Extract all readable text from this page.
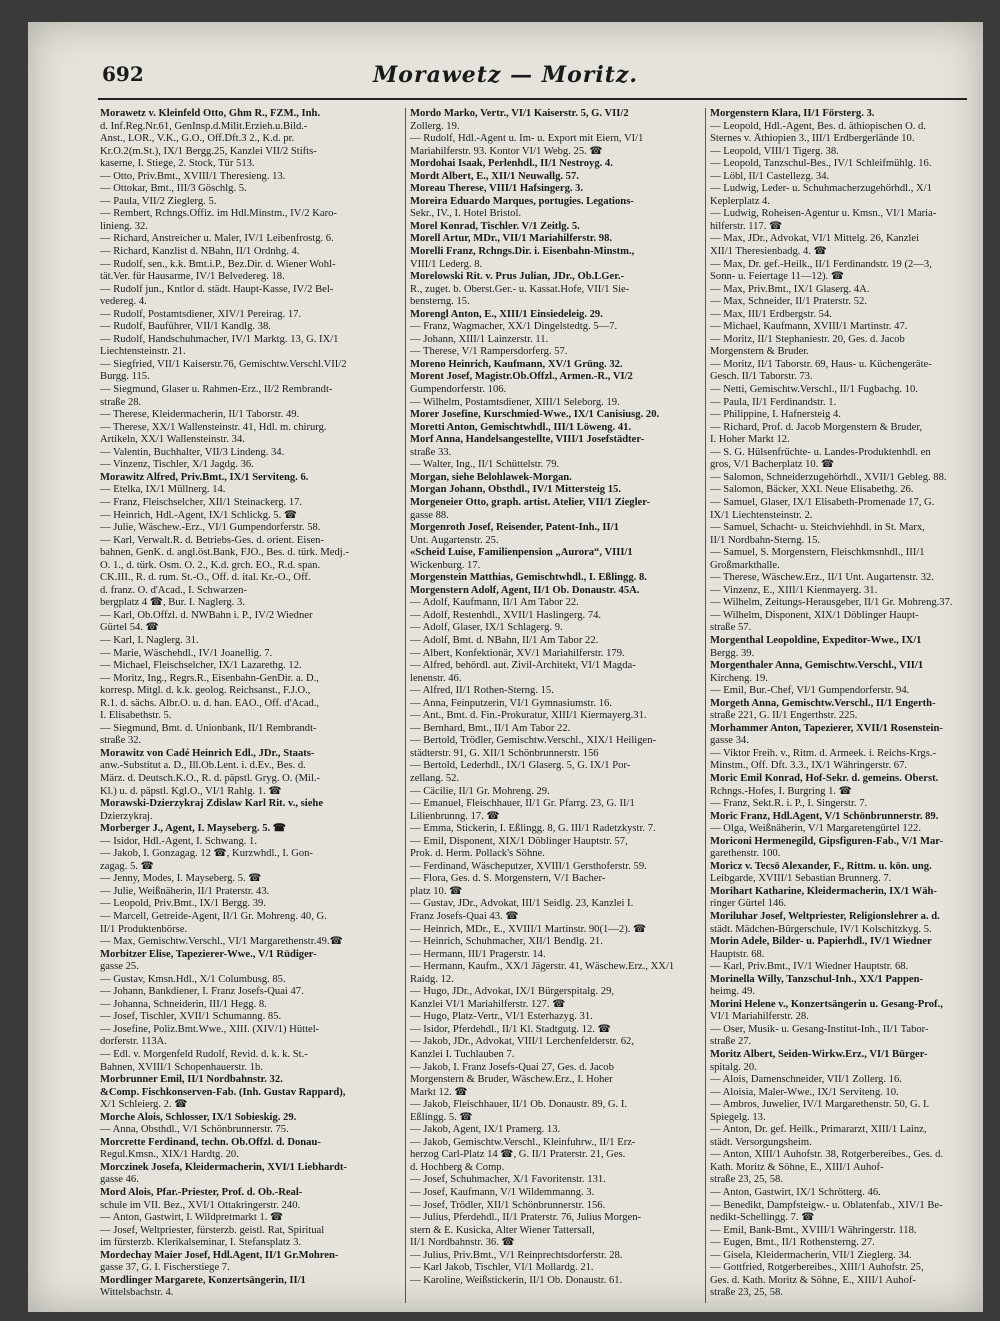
692	Morawetz — Moritz.
Morawetz v. Kleinfeld Otto, Ghm R., FZM., Inh.
d. Inf.Reg.Nr.61, GenInsp.d.Milit.Erzieh.u.Bild.-
Anst., LOR., V.K., G.O., Off.Dft.3 2., K.d. pr.
Kr.O.2(m.St.), IX/1 Bergg.25, Kanzlei VII/2 Stifts-
kaserne, I. Stiege, 2. Stock, Tür 513.
— Otto, Priv.Bmt., XVIII/1 Theresieng. 13.
— Ottokar, Bmt., III/3 Göschlg. 5.
— Paula, VII/2 Zieglerg. 5.
— Rembert, Rchngs.Offiz. im Hdl.Minstm., IV/2 Karo-
linieng. 32.
— Richard, Anstreicher u. Maler, IV/1 Leibenfrostg. 6.
— Richard, Kanzlist d. NBahn, II/1 Ordnhg. 4.
— Rudolf, sen., k.k. Bmt.i.P., Bez.Dir. d. Wiener Wohl-
tät.Ver. für Hausarme, IV/1 Belvedereg. 18.
— Rudolf jun., Kntlor d. städt. Haupt-Kasse, IV/2 Bel-
vedereg. 4.
— Rudolf, Postamtsdiener, XIV/1 Pereirag. 17.
— Rudolf, Bauführer, VII/1 Kandlg. 38.
— Rudolf, Handschuhmacher, IV/1 Marktg. 13, G. IX/1
Liechtensteinstr. 21.
— Siegfried, VII/1 Kaiserstr.76, Gemischtw.Verschl.VII/2
Burgg. 115.
— Siegmund, Glaser u. Rahmen-Erz., II/2 Rembrandt-
straße 28.
— Therese, Kleidermacherin, II/1 Taborstr. 49.
— Therese, XX/1 Wallensteinstr. 41, Hdl. m. chirurg.
Artikeln, XX/1 Wallensteinstr. 34.
— Valentin, Buchhalter, VII/3 Lindeng. 34.
— Vinzenz, Tischler, X/1 Jagdg. 36.
Morawitz Alfred, Priv.Bmt., IX/1 Serviteng. 6.
— Etelka, IX/1 Müllnerg. 14.
— Franz, Fleischselcher, XII/1 Steinackerg. 17.
— Heinrich, Hdl.-Agent, IX/1 Schlickg. 5. ☎
— Julie, Wäschew.-Erz., VI/1 Gumpendorferstr. 58.
— Karl, Verwalt.R. d. Betriebs-Ges. d. orient. Eisen-
bahnen, GenK. d. angl.öst.Bank, FJO., Bes. d. türk. Medj.-
O. 1., d. türk. Osm. O. 2., K.d. grch. EO., R.d. span.
CK.III., R. d. rum. St.-O., Off. d. ital. Kr.-O., Off.
d. franz. O. d'Acad., I. Schwarzen-
bergplatz 4 ☎, Bur. I. Naglerg. 3.
— Karl, Ob.Offzl. d. NWBahn i. P., IV/2 Wiedner
Gürtel 54. ☎
— Karl, I. Naglerg. 31.
— Marie, Wäschehdl., IV/1 Joanellig. 7.
— Michael, Fleischselcher, IX/1 Lazarethg. 12.
— Moritz, Ing., Regrs.R., Eisenbahn-GenDir. a. D.,
korresp. Mitgl. d. k.k. geolog. Reichsanst., F.J.O.,
R.1. d. sächs. Albr.O. u. d. han. EAO., Off. d'Acad.,
I. Elisabethstr. 5.
— Siegmund, Bmt. d. Unionbank, II/1 Rembrandt-
straße 32.
Morawitz von Cadé Heinrich Edl., JDr., Staats-
anw.-Substitut a. D., Ill.Ob.Lent. i. d.Ev., Bes. d.
März. d. Deutsch.K.O., R. d. päpstl. Gryg. O. (Mil.-
Kl.) u. d. päpstl. Kgl.O., VI/1 Rahlg. 1. ☎
Morawski-Dzierzykraj Zdislaw Karl Rit. v., siehe
Dzierzykraj.
Morberger J., Agent, I. Mayseberg. 5. ☎
— Isidor, Hdl.-Agent, I. Schwang. 1.
— Jakob, I. Gonzagag. 12 ☎, Kurzwhdl., I. Gon-
zagag. 5. ☎
— Jenny, Modes, I. Mayseberg. 5. ☎
— Julie, Weißnäherin, II/1 Praterstr. 43.
— Leopold, Priv.Bmt., IX/1 Bergg. 39.
— Marcell, Getreide-Agent, II/1 Gr. Mohreng. 40, G.
II/1 Produktenbörse.
— Max, Gemischtw.Verschl., VI/1 Margarethenstr.49.☎
Morbitzer Elise, Tapezierer-Wwe., V/1 Rüdiger-
gasse 25.
— Gustav, Kmsn.Hdl., X/1 Columbusg. 85.
— Johann, Bankdiener, I. Franz Josefs-Quai 47.
— Johanna, Schneiderin, III/1 Hegg. 8.
— Josef, Tischler, XVII/1 Schumanng. 85.
— Josefine, Poliz.Bmt.Wwe., XIII. (XIV/1) Hüttel-
dorferstr. 113A.
— Edl. v. Morgenfeld Rudolf, Revid. d. k. k. St.-
Bahnen, XVIII/1 Schopenhauerstr. 1b.
Morbrunner Emil, II/1 Nordbahnstr. 32.
&Comp. Fischkonserven-Fab. (Inh. Gustav Rappard),
X/1 Schleierg. 2. ☎
Morche Alois, Schlosser, IX/1 Sobieskig. 29.
— Anna, Obsthdl., V/1 Schönbrunnerstr. 75.
Morcrette Ferdinand, techn. Ob.Offzl. d. Donau-
Regul.Kmsn., XIX/1 Hardtg. 20.
Morczinek Josefa, Kleidermacherin, XVI/1 Liebhardt-
gasse 46.
Mord Alois, Pfar.-Priester, Prof. d. Ob.-Real-
schule im VII. Bez., XVI/1 Ottakringerstr. 240.
— Anton, Gastwirt, I. Wildpretmarkt 1. ☎
— Josef, Weltpriester, fürsterzb. geistl. Rat, Spiritual
im fürsterzb. Klerikalseminar, I. Stefansplatz 3.
Mordechay Maier Josef, Hdl.Agent, II/1 Gr.Mohren-
gasse 37, G. I. Fischerstiege 7.
Mordlinger Margarete, Konzertsängerin, II/1
Wittelsbachstr. 4.
Mordo Marko, Vertr., VI/1 Kaiserstr. 5, G. VII/2
Zollerg. 19.
— Rudolf, Hdl.-Agent u. Im- u. Export mit Eiern, VI/1
Mariahilferstr. 93. Kontor VI/1 Webg. 25. ☎
Mordohai Isaak, Perlenhdl., II/1 Nestroyg. 4.
Mordt Albert, E., XII/1 Neuwallg. 57.
Moreau Therese, VIII/1 Hafsingerg. 3.
Moreira Eduardo Marques, portugies. Legations-
Sekr., IV., I. Hotel Bristol.
Morel Konrad, Tischler. V/1 Zeitlg. 5.
Morell Artur, MDr., VII/1 Mariahilferstr. 98.
Morelli Franz, Rchngs.Dir. i. Eisenbahn-Minstm.,
VIII/1 Lederg. 8.
Morelowski Rit. v. Prus Julian, JDr., Ob.LGer.-
R., zuget. b. Oberst.Ger.- u. Kassat.Hofe, VII/1 Sie-
bensterng. 15.
Morengl Anton, E., XIII/1 Einsiedeleig. 29.
— Franz, Wagmacher, XX/1 Dingelstedtg. 5—7.
— Johann, XIII/1 Lainzerstr. 11.
— Therese, V/1 Rampersdorferg. 57.
Moreno Heinrich, Kaufmann, XV/1 Grüng. 32.
Morent Josef, Magistr.Ob.Offzl., Armen.-R., VI/2
Gumpendorferstr. 106.
— Wilhelm, Postamtsdiener, XIII/1 Seleborg. 19.
Morer Josefine, Kurschmied-Wwe., IX/1 Canisiusg. 20.
Moretti Anton, Gemischtwhdl., III/1 Löweng. 41.
Morf Anna, Handelsangestellte, VIII/1 Josefstädter-
straße 33.
— Walter, Ing., II/1 Schüttelstr. 79.
Morgan, siehe Belohlawek-Morgan.
Morgan Johann, Obsthdl., IV/1 Mittersteig 15.
Morgeneier Otto, graph. artist. Atelier, VII/1 Ziegler-
gasse 88.
Morgenroth Josef, Reisender, Patent-Inh., II/1
Unt. Augartenstr. 25.
«Scheid Luise, Familienpension „Aurora“, VIII/1
Wickenburg. 17.
Morgenstein Matthias, Gemischtwhdl., I. Eßlingg. 8.
Morgenstern Adolf, Agent, II/1 Ob. Donaustr. 45A.
— Adolf, Kaufmann, II/1 Am Tabor 22.
— Adolf, Restenhdl., XVII/1 Haslingerg. 74.
— Adolf, Glaser, IX/1 Schlagerg. 9.
— Adolf, Bmt. d. NBahn, II/1 Am Tabor 22.
— Albert, Konfektionär, XV/1 Mariahilferstr. 179.
— Alfred, behördl. aut. Zivil-Architekt, VI/1 Magda-
lenenstr. 46.
— Alfred, II/1 Rothen-Sterng. 15.
— Anna, Feinputzerin, VI/1 Gymnasiumstr. 16.
— Ant., Bmt. d. Fin.-Prokuratur, XIII/1 Kiermayerg.31.
— Bernhard, Bmt., II/1 Am Tabor 22.
— Bertold, Trödler, Gemischtw.Verschl., XIX/1 Heiligen-
städterstr. 91, G. XII/1 Schönbrunnerstr. 156
— Bertold, Lederhdl., IX/1 Glaserg. 5, G. IX/1 Por-
zellang. 52.
— Cäcilie, II/1 Gr. Mohreng. 29.
— Emanuel, Fleischhauer, II/1 Gr. Pfarrg. 23, G. II/1
Lilienbrunng. 17. ☎
— Emma, Stickerin, I. Eßlingg. 8, G. III/1 Radetzkystr. 7.
— Emil, Disponent, XIX/1 Döblinger Hauptstr. 57,
Prok. d. Herm. Pollack's Söhne.
— Ferdinand, Wäscheputzer, XVIII/1 Gersthoferstr. 59.
— Flora, Ges. d. S. Morgenstern, V/1 Bacher-
platz 10. ☎
— Gustav, JDr., Advokat, III/1 Seidlg. 23, Kanzlei I.
Franz Josefs-Quai 43. ☎
— Heinrich, MDr., E., XVIII/1 Martinstr. 90(1—2). ☎
— Heinrich, Schuhmacher, XII/1 Bendlg. 21.
— Hermann, III/1 Pragerstr. 14.
— Hermann, Kaufm., XX/1 Jägerstr. 41, Wäschew.Erz., XX/1
Raidg. 12.
— Hugo, JDr., Advokat, IX/1 Bürgerspitalg. 29,
Kanzlei VI/1 Mariahilferstr. 127. ☎
— Hugo, Platz-Vertr., VI/1 Esterhazyg. 31.
— Isidor, Pferdehdl., II/1 Kl. Stadtgutg. 12. ☎
— Jakob, JDr., Advokat, VIII/1 Lerchenfelderstr. 62,
Kanzlei I. Tuchlauben 7.
— Jakob, I. Franz Josefs-Quai 27, Ges. d. Jacob
Morgenstern & Bruder, Wäschew.Erz., I. Hoher
Markt 12. ☎
— Jakob, Fleischhauer, II/1 Ob. Donaustr. 89, G. I.
Eßlingg. 5. ☎
— Jakob, Agent, IX/1 Pramerg. 13.
— Jakob, Gemischtw.Verschl., Kleinfuhrw., II/1 Erz-
herzog Carl-Platz 14 ☎, G. II/1 Praterstr. 21, Ges.
d. Hochberg & Comp.
— Josef, Schuhmacher, X/1 Favoritenstr. 131.
— Josef, Kaufmann, V/1 Wildemmanng. 3.
— Josef, Trödler, XII/1 Schönbrunnerstr. 156.
— Julius, Pferdehdl., II/1 Praterstr. 76, Julius Morgen-
stern & E. Kusicka, Alter Wiener Tattersall,
II/1 Nordbahnstr. 36. ☎
— Julius, Priv.Bmt., V/1 Reinprechtsdorferstr. 28.
— Karl Jakob, Tischler, VI/1 Mollardg. 21.
— Karoline, Weißstickerin, II/1 Ob. Donaustr. 61.
Morgenstern Klara, II/1 Försterg. 3.
— Leopold, Hdl.-Agent, Bes. d. äthiopischen O. d.
Sternes v. Äthiopien 3., III/1 Erdbergerlände 10.
— Leopold, VIII/1 Tigerg. 38.
— Leopold, Tanzschul-Bes., IV/1 Schleifmühlg. 16.
— Löbl, II/1 Castellezg. 34.
— Ludwig, Leder- u. Schuhmacherzugehörhdl., X/1
Keplerplatz 4.
— Ludwig, Roheisen-Agentur u. Kmsn., VI/1 Maria-
hilferstr. 117. ☎
— Max, JDr., Advokat, VI/1 Mittelg. 26, Kanzlei
XII/1 Theresienbadg. 4. ☎
— Max, Dr. gef.-Heilk., II/1 Ferdinandstr. 19 (2—3,
Sonn- u. Feiertage 11—12). ☎
— Max, Priv.Bmt., IX/1 Glaserg. 4A.
— Max, Schneider, II/1 Praterstr. 52.
— Max, III/1 Erdbergstr. 54.
— Michael, Kaufmann, XVIII/1 Martinstr. 47.
— Moritz, II/1 Stephaniestr. 20, Ges. d. Jacob
Morgenstern & Bruder.
— Moritz, II/1 Taborstr. 69, Haus- u. Küchengeräte-
Gesch. II/1 Taborstr. 73.
— Netti, Gemischtw.Verschl., II/1 Fugbachg. 10.
— Paula, II/1 Ferdinandstr. 1.
— Philippine, I. Hafnersteig 4.
— Richard, Prof. d. Jacob Morgenstern & Bruder,
I. Hoher Markt 12.
— S. G. Hülsenfrüchte- u. Landes-Produktenhdl. en
gros, V/1 Bacherplatz 10. ☎
— Salomon, Schneiderzugehörhdl., XVII/1 Gebleg. 88.
— Salomon, Bäcker, XXI. Neue Elisabethg. 26.
— Samuel, Glaser, IX/1 Elisabeth-Promenade 17, G.
IX/1 Liechtensteinstr. 2.
— Samuel, Schacht- u. Steichviehhdl. in St. Marx,
II/1 Nordbahn-Sterng. 15.
— Samuel, S. Morgenstern, Fleischkmsnhdl., III/1
Großmarkthalle.
— Therese, Wäschew.Erz., II/1 Unt. Augartenstr. 32.
— Vinzenz, E., XIII/1 Kienmayerg. 31.
— Wilhelm, Zeitungs-Herausgeber, II/1 Gr. Mohreng.37.
— Wilhelm, Disponent, XIX/1 Döblinger Haupt-
straße 57.
Morgenthal Leopoldine, Expeditor-Wwe., IX/1
Bergg. 39.
Morgenthaler Anna, Gemischtw.Verschl., VII/1
Kircheng. 19.
— Emil, Bur.-Chef, VI/1 Gumpendorferstr. 94.
Morgeth Anna, Gemischtw.Verschl., II/1 Engerth-
straße 221, G. II/1 Engerthstr. 225.
Morhammer Anton, Tapezierer, XVII/1 Rosenstein-
gasse 34.
— Viktor Freih. v., Ritm. d. Armeek. i. Reichs-Krgs.-
Minstm., Off. Dft. 3.3., IX/1 Währingerstr. 67.
Moric Emil Konrad, Hof-Sekr. d. gemeins. Oberst.
Rchngs.-Hofes, I. Burgring 1. ☎
— Franz, Sekt.R. i. P., I. Singerstr. 7.
Moric Franz, Hdl.Agent, V/1 Schönbrunnerstr. 89.
— Olga, Weißnäherin, V/1 Margaretengürtel 122.
Moriconi Hermenegild, Gipsfiguren-Fab., V/1 Mar-
garethenstr. 100.
Moricz v. Tecsö Alexander, F., Rittm. u. kön. ung.
Leibgarde, XVIII/1 Sebastian Brunnerg. 7.
Morihart Katharine, Kleidermacherin, IX/1 Wäh-
ringer Gürtel 146.
Moriluhar Josef, Weltpriester, Religionslehrer a. d.
städt. Mädchen-Bürgerschule, IV/1 Kolschitzkyg. 5.
Morin Adele, Bilder- u. Papierhdl., IV/1 Wiedner
Hauptstr. 68.
— Karl, Priv.Bmt., IV/1 Wiedner Hauptstr. 68.
Morinella Willy, Tanzschul-Inh., XX/1 Pappen-
heimg. 49.
Morini Helene v., Konzertsängerin u. Gesang-Prof.,
VI/1 Mariahilferstr. 28.
— Oser, Musik- u. Gesang-Institut-Inh., II/1 Tabor-
straße 27.
Moritz Albert, Seiden-Wirkw.Erz., VI/1 Bürger-
spitalg. 20.
— Alois, Damenschneider, VII/1 Zollerg. 16.
— Aloisia, Maler-Wwe., IX/1 Serviteng. 10.
— Ambros, Juwelier, IV/1 Margarethenstr. 50, G. I.
Spiegelg. 13.
— Anton, Dr. gef. Heilk., Primararzt, XIII/1 Lainz,
städt. Versorgungsheim.
— Anton, XIII/1 Auhofstr. 38, Rotgerbereibes., Ges. d.
Kath. Moritz & Söhne, E., XIII/1 Auhof-
straße 23, 25, 58.
— Anton, Gastwirt, IX/1 Schrötterg. 46.
— Benedikt, Dampfsteigw.- u. Oblatenfab., XIV/1 Be-
nedikt-Schellingg. 7. ☎
— Emil, Bank-Bmt., XVIII/1 Währingerstr. 118.
— Eugen, Bmt., II/1 Rothensterng. 27.
— Gisela, Kleidermacherin, VII/1 Zieglerg. 34.
— Gottfried, Rotgerbereibes., XIII/1 Auhofstr. 25,
Ges. d. Kath. Moritz & Söhne, E., XIII/1 Auhof-
straße 23, 25, 58.
